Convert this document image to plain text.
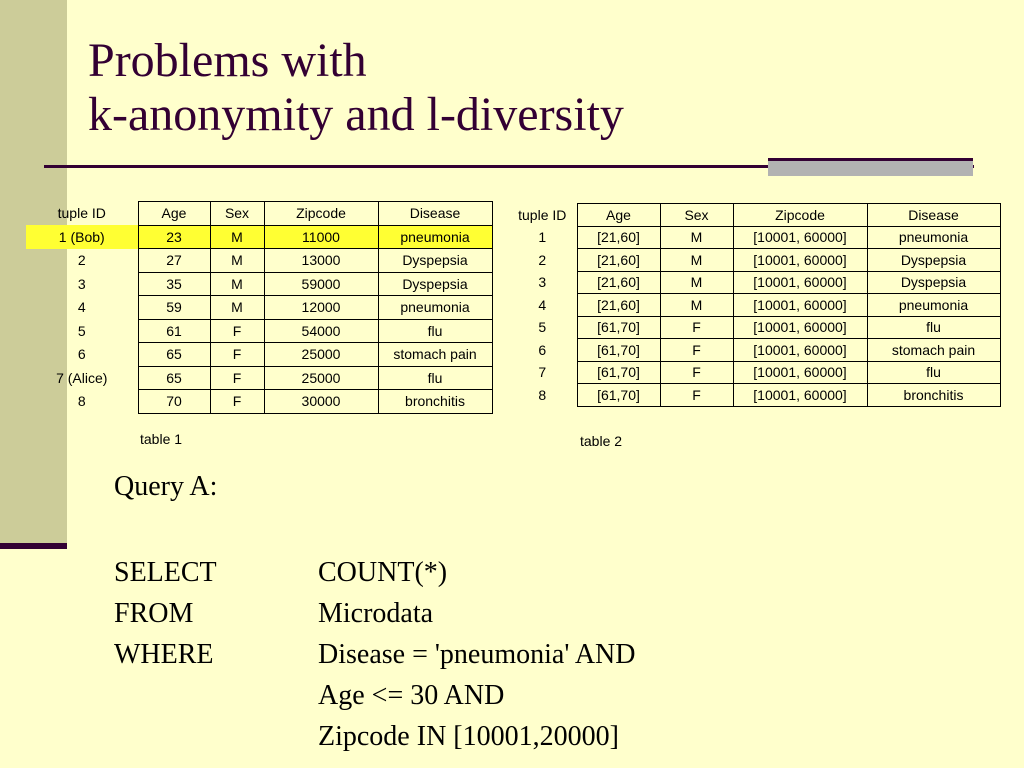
Problems with
k-anonymity and l-diversity
tuple ID	Age	Sex	Zipcode	Disease
1 (Bob)	23	M	11000	pneumonia
2	27	M	13000	Dyspepsia
3	35	M	59000	Dyspepsia
4	59	M	12000	pneumonia
5	61	F	54000	flu
6	65	F	25000	stomach pain
7 (Alice)	65	F	25000	flu
8	70	F	30000	bronchitis
table 1
tuple ID	Age	Sex	Zipcode	Disease
1	[21,60]	M	[10001, 60000]	pneumonia
2	[21,60]	M	[10001, 60000]	Dyspepsia
3	[21,60]	M	[10001, 60000]	Dyspepsia
4	[21,60]	M	[10001, 60000]	pneumonia
5	[61,70]	F	[10001, 60000]	flu
6	[61,70]	F	[10001, 60000]	stomach pain
7	[61,70]	F	[10001, 60000]	flu
8	[61,70]	F	[10001, 60000]	bronchitis
table 2
Query A:
SELECT	COUNT(*)
FROM	Microdata
WHERE	Disease = 'pneumonia' AND
Age <= 30 AND
Zipcode IN [10001,20000]
